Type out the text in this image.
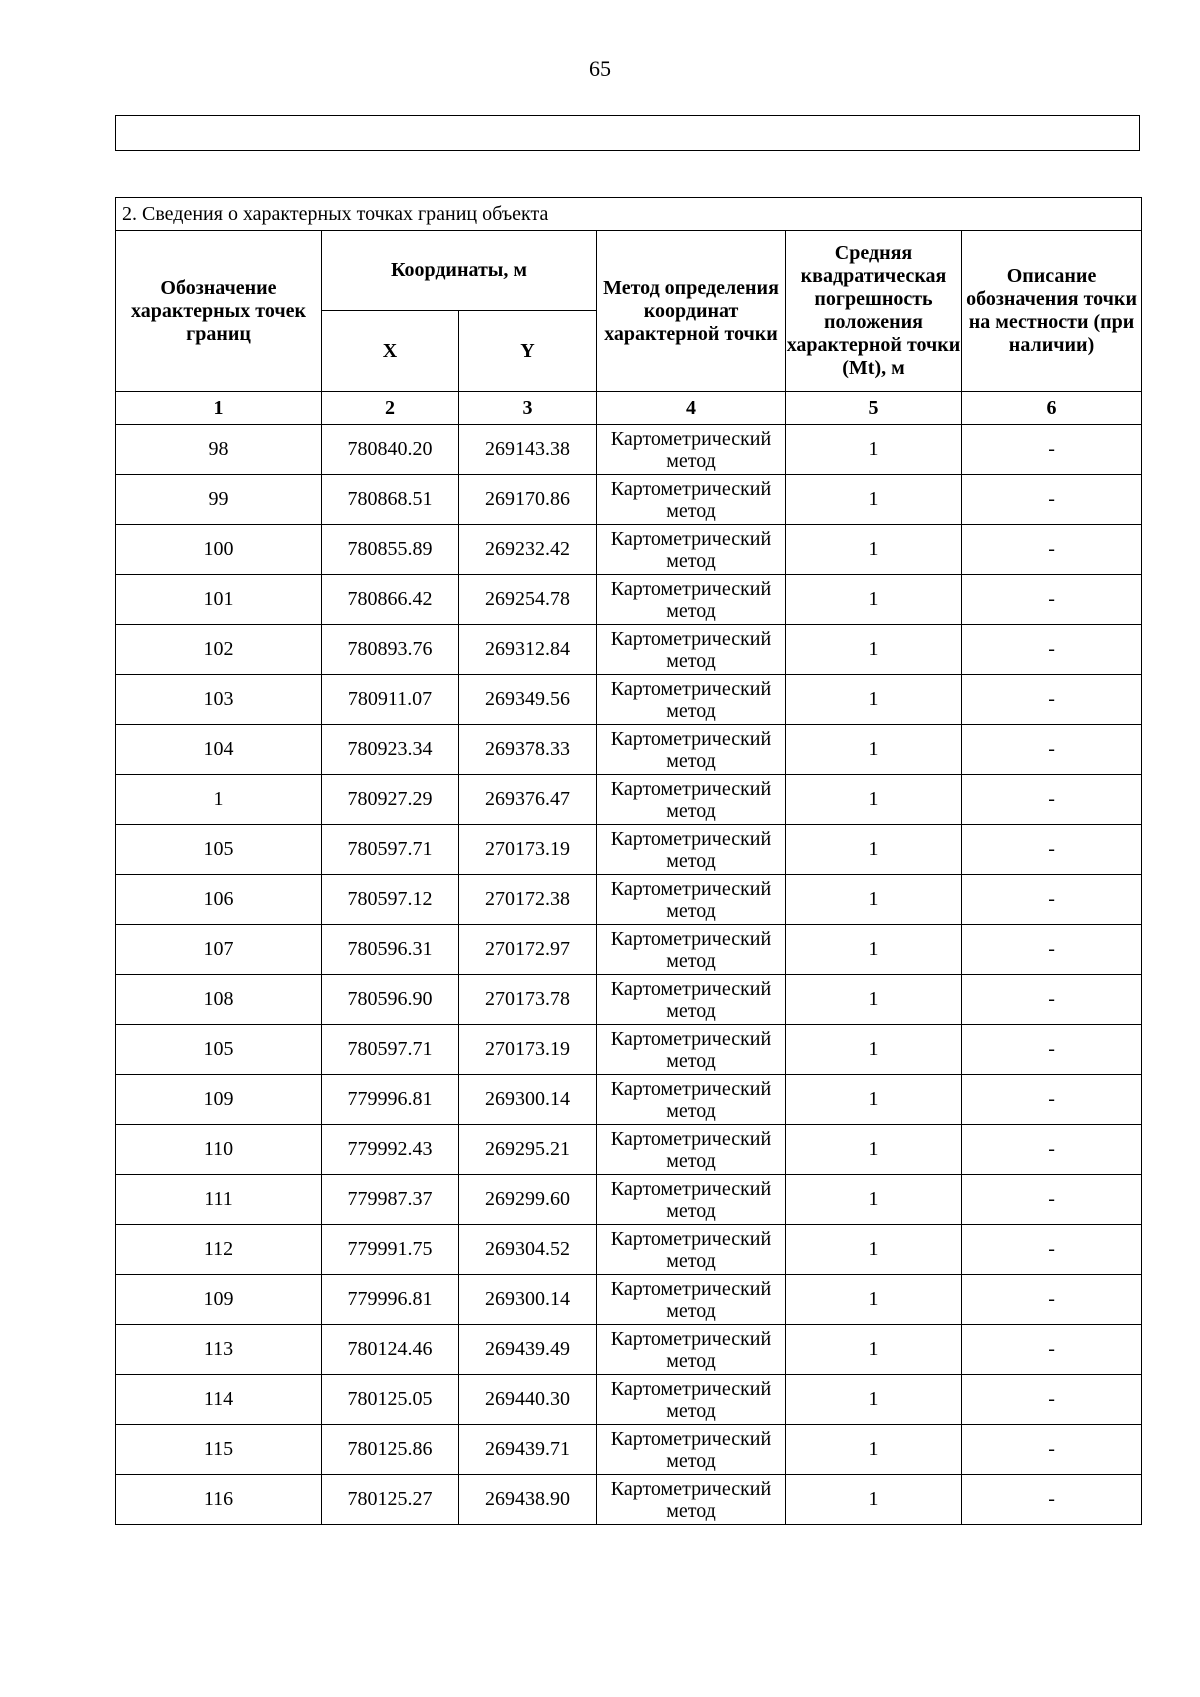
65
2. Сведения о характерных точках границ объекта					
Обозначение характерных точек границ	Координаты, м		Метод определения координат характерной точки	Средняя квадратическая погрешность положения характерной точки (Mt), м	Описание обозначения точки на местности (при наличии)
	X	Y			
1	2	3	4	5	6
98	780840.20	269143.38	Картометрический метод	1	-
99	780868.51	269170.86	Картометрический метод	1	-
100	780855.89	269232.42	Картометрический метод	1	-
101	780866.42	269254.78	Картометрический метод	1	-
102	780893.76	269312.84	Картометрический метод	1	-
103	780911.07	269349.56	Картометрический метод	1	-
104	780923.34	269378.33	Картометрический метод	1	-
1	780927.29	269376.47	Картометрический метод	1	-
105	780597.71	270173.19	Картометрический метод	1	-
106	780597.12	270172.38	Картометрический метод	1	-
107	780596.31	270172.97	Картометрический метод	1	-
108	780596.90	270173.78	Картометрический метод	1	-
105	780597.71	270173.19	Картометрический метод	1	-
109	779996.81	269300.14	Картометрический метод	1	-
110	779992.43	269295.21	Картометрический метод	1	-
111	779987.37	269299.60	Картометрический метод	1	-
112	779991.75	269304.52	Картометрический метод	1	-
109	779996.81	269300.14	Картометрический метод	1	-
113	780124.46	269439.49	Картометрический метод	1	-
114	780125.05	269440.30	Картометрический метод	1	-
115	780125.86	269439.71	Картометрический метод	1	-
116	780125.27	269438.90	Картометрический метод	1	-
